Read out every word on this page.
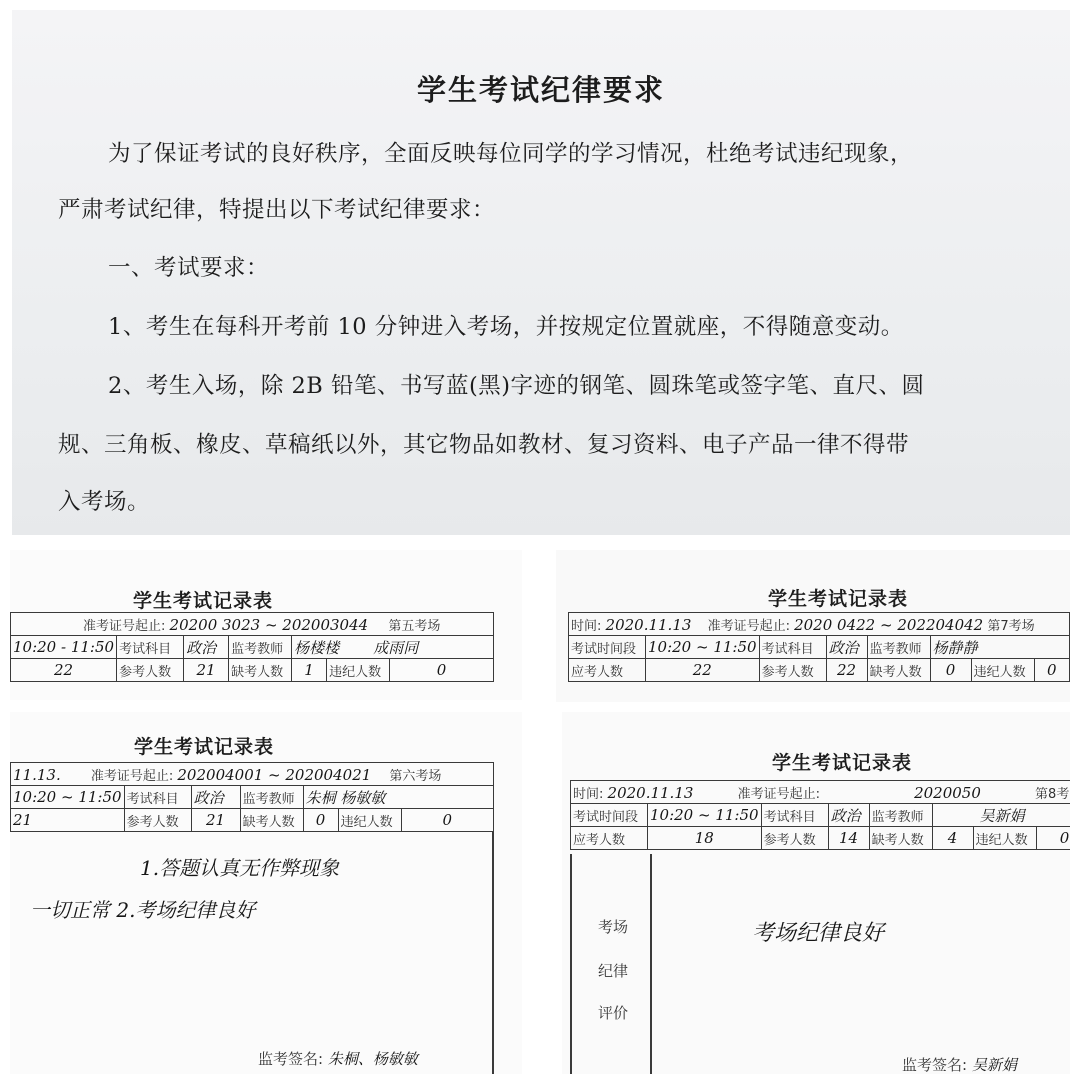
学生考试纪律要求
为了保证考试的良好秩序，全面反映每位同学的学习情况，杜绝考试违纪现象，
严肃考试纪律，特提出以下考试纪律要求：
一、考试要求：
1、考生在每科开考前 10 分钟进入考场，并按规定位置就座，不得随意变动。
2、考生入场，除 2B 铅笔、书写蓝(黑)字迹的钢笔、圆珠笔或签字笔、直尺、圆
规、三角板、橡皮、草稿纸以外，其它物品如教材、复习资料、电子产品一律不得带
入考场。
学生考试记录表
准考证号起止: 20200 3023 ~ 202003044 第五考场						
10:20 - 11:50	考试科目	政治	监考教师	杨楼楼 成雨同		
22	参考人数	21	缺考人数	1	违纪人数	0
学生考试记录表
11.13. 准考证号起止: 202004001 ~ 202004021 第六考场						
10:20 ~ 11:50	考试科目	政治	监考教师	朱桐 杨敏敏		
21	参考人数	21	缺考人数	0	违纪人数	0
1.答题认真无作弊现象
一切正常 2.考场纪律良好
监考签名: 朱桐、杨敏敏
学生考试记录表
时间: 2020.11.13 准考证号起止: 2020 0422 ~ 202204042 第7考场							
考试时间段	10:20 ~ 11:50	考试科目	政治	监考教师	杨静静		
应考人数	22	参考人数	22	缺考人数	0	违纪人数	0
学生考试记录表
时间: 2020.11.13 准考证号起止: 2020050 第8考							
考试时间段	10:20 ~ 11:50	考试科目	政治	监考教师	吴新娟		
应考人数	18	参考人数	14	缺考人数	4	违纪人数	0
考场
纪律
评价
考场纪律良好
监考签名: 吴新娟
